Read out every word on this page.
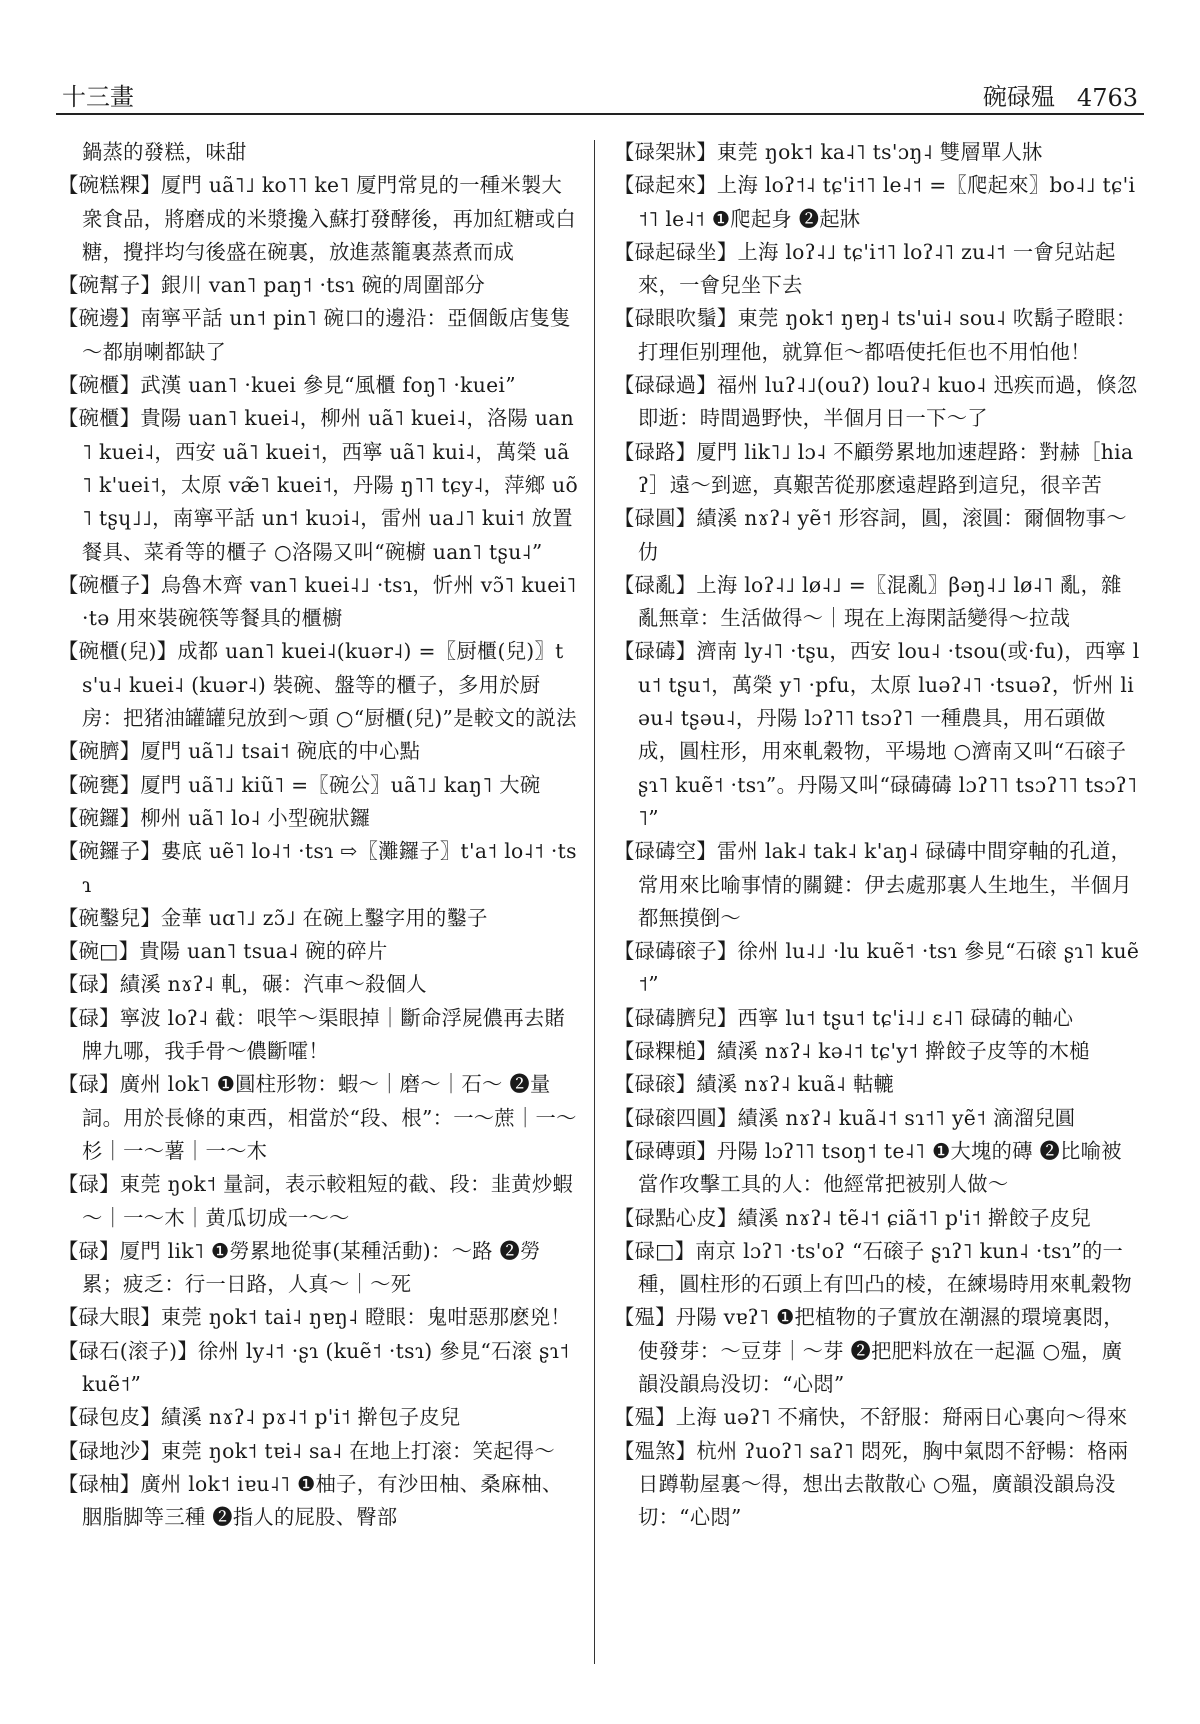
十三畫	碗碌殟 4763

鍋蒸的發糕，味甜

【碗糕粿】厦門 uã˥˩ ko˥˥ ke˥ 厦門常見的一種米製大衆食品，將磨成的米漿攙入蘇打發酵後，再加紅糖或白糖，攪拌均勻後盛在碗裏，放進蒸籠裏蒸煮而成

【碗幫子】銀川 van˥ paŋ˦ ·tsɿ 碗的周圍部分

【碗邊】南寧平話 un˦ pin˥ 碗口的邊沿：亞個飯店隻隻～都崩喇都缺了

【碗櫃】武漢 uan˥ ·kuei 參見“風櫃 foŋ˥ ·kuei”

【碗櫃】貴陽 uan˥ kuei˨，柳州 uã˥ kuei˨，洛陽 uan˥ kuei˨，西安 uã˥ kuei˦，西寧 uã˥ kui˨，萬榮 uã˥ k'uei˦，太原 væ̃˥ kuei˦，丹陽 ŋ˥˥ tɕy˨，萍鄉 uõ˥ tʂɥ˩˩，南寧平話 un˦ kuɔi˨，雷州 ua˩˥ kui˦ 放置餐具、菜肴等的櫃子 ○洛陽又叫“碗櫥 uan˥ tʂu˨”

【碗櫃子】烏魯木齊 van˥ kuei˨˩ ·tsɿ，忻州 vɔ̃˥ kuei˥ ·tə 用來裝碗筷等餐具的櫃櫥

【碗櫃(兒)】成都 uan˥ kuei˨(kuər˨) =〖厨櫃(兒)〗ts'u˨ kuei˨ (kuər˨) 裝碗、盤等的櫃子，多用於厨房：把猪油罐罐兒放到～頭 ○“厨櫃(兒)”是較文的説法

【碗臍】厦門 uã˥˩ tsai˦ 碗底的中心點

【碗甕】厦門 uã˥˩ kiũ˥ =〖碗公〗uã˥˩ kaŋ˥ 大碗

【碗鑼】柳州 uã˥ lo˨ 小型碗狀鑼

【碗鑼子】婁底 uẽ˥ lo˨˦ ·tsɿ ⇨〖灘鑼子〗t'a˦ lo˨˦ ·tsɿ

【碗鑿兒】金華 uɑ˥˩ zɔ̃˩ 在碗上鑿字用的鑿子

【碗□】貴陽 uan˥ tsua˨ 碗的碎片

【碌】績溪 nɤʔ˨ 軋，碾：汽車～殺個人

【碌】寧波 loʔ˨ 截：哏竿～渠眼掉｜斷命浮屍儂再去賭牌九哪，我手骨～儂斷嚯！

【碌】廣州 lok˥ ❶圓柱形物：蝦～｜磨～｜石～ ❷量詞。用於長條的東西，相當於“段、根”：一～蔗｜一～杉｜一～薯｜一～木

【碌】東莞 ŋok˦ 量詞，表示較粗短的截、段：韭黄炒蝦～｜一～木｜黄瓜切成一～～

【碌】厦門 lik˥ ❶勞累地從事(某種活動)：～路 ❷勞累；疲乏：行一日路，人真～｜～死

【碌大眼】東莞 ŋok˦ tai˨ ŋɐŋ˨ 瞪眼：鬼咁惡那麽兇！

【碌石(滚子)】徐州 ly˨˦ ·ʂɿ (kuẽ˦ ·tsɿ) 參見“石滚 ʂɿ˦ kuẽ˦”

【碌包皮】績溪 nɤʔ˨ pɤ˨˦ p'i˦ 擀包子皮兒

【碌地沙】東莞 ŋok˦ tɐi˨ sa˨ 在地上打滚：笑起得～

【碌柚】廣州 lok˦ iɐu˨˥ ❶柚子，有沙田柚、桑麻柚、胭脂脚等三種 ❷指人的屁股、臀部

【碌架牀】東莞 ŋok˦ ka˨˥ ts'ɔŋ˨ 雙層單人牀

【碌起來】上海 loʔ˦˨ tɕ'i˦˥ le˨˦ =〖爬起來〗bo˨˩ tɕ'i˦˥ le˨˦ ❶爬起身 ❷起牀

【碌起碌坐】上海 loʔ˨˩ tɕ'i˦˥ loʔ˨˥ zu˨˦ 一會兒站起來，一會兒坐下去

【碌眼吹鬚】東莞 ŋok˦ ŋɐŋ˨ ts'ui˨ sou˨ 吹鬍子瞪眼：打理佢别理他，就算佢～都唔使托佢也不用怕他！

【碌碌過】福州 luʔ˨˩(ouʔ) louʔ˨ kuo˨ 迅疾而過，倏忽即逝：時間過野快，半個月日一下～了

【碌路】厦門 lik˥˩ lɔ˨ 不顧勞累地加速趕路：對赫［hiaʔ］遠～到遮，真艱苦從那麽遠趕路到這兒，很辛苦

【碌圓】績溪 nɤʔ˨ yẽ˦ 形容詞，圓，滚圓：爾個物事～仂

【碌亂】上海 loʔ˨˩ lø˨˩ =〖混亂〗βəŋ˨˩ lø˨˥ 亂，雜亂無章：生活做得～｜現在上海閑話變得～拉哉

【碌碡】濟南 ly˨˥ ·tʂu，西安 lou˨ ·tsou(或·fu)，西寧 lu˦ tʂu˦，萬榮 y˥ ·pfu，太原 luəʔ˨˥ ·tsuəʔ，忻州 liəu˨ tʂəu˨，丹陽 lɔʔ˥˥ tsɔʔ˥ 一種農具，用石頭做成，圓柱形，用來軋穀物，平場地 ○濟南又叫“石磙子 ʂɿ˥ kuẽ˦ ·tsɿ”。丹陽又叫“碌碡碡 lɔʔ˥˥ tsɔʔ˥˥ tsɔʔ˥˥”

【碌碡空】雷州 lak˨ tak˨ k'aŋ˨ 碌碡中間穿軸的孔道，常用來比喻事情的關鍵：伊去處那裏人生地生，半個月都無摸倒～

【碌碡磙子】徐州 lu˨˩ ·lu kuẽ˦ ·tsɿ 參見“石磙 ʂɿ˥ kuẽ˦”

【碌碡臍兒】西寧 lu˦ tʂu˦ tɕ'i˨˩ ɛ˨˥ 碌碡的軸心

【碌粿槌】績溪 nɤʔ˨ kə˨˦ tɕ'y˦ 擀餃子皮等的木槌

【碌磙】績溪 nɤʔ˨ kuã˨ 軲轆

【碌磙四圓】績溪 nɤʔ˨ kuã˨˦ sɿ˦˥ yẽ˦ 滴溜兒圓

【碌磚頭】丹陽 lɔʔ˥˥ tsoŋ˦ te˨˥ ❶大塊的磚 ❷比喻被當作攻擊工具的人：他經常把被别人做～

【碌點心皮】績溪 nɤʔ˨ tẽ˨˦ ɕiã˦˥ p'i˦ 擀餃子皮兒

【碌□】南京 lɔʔ˥ ·ts'oʔ “石磙子 ʂɿʔ˥ kun˨ ·tsɿ”的一種，圓柱形的石頭上有凹凸的棱，在練場時用來軋穀物

【殟】丹陽 vɐʔ˥ ❶把植物的子實放在潮濕的環境裏悶，使發芽：～豆芽｜～芽 ❷把肥料放在一起漚 ○殟，廣韻没韻烏没切：“心悶”

【殟】上海 uəʔ˥ 不痛快，不舒服：搿兩日心裏向～得來

【殟煞】杭州 ʔuoʔ˥ saʔ˥ 悶死，胸中氣悶不舒暢：格兩日蹲勒屋裏～得，想出去散散心 ○殟，廣韻没韻烏没切：“心悶”
